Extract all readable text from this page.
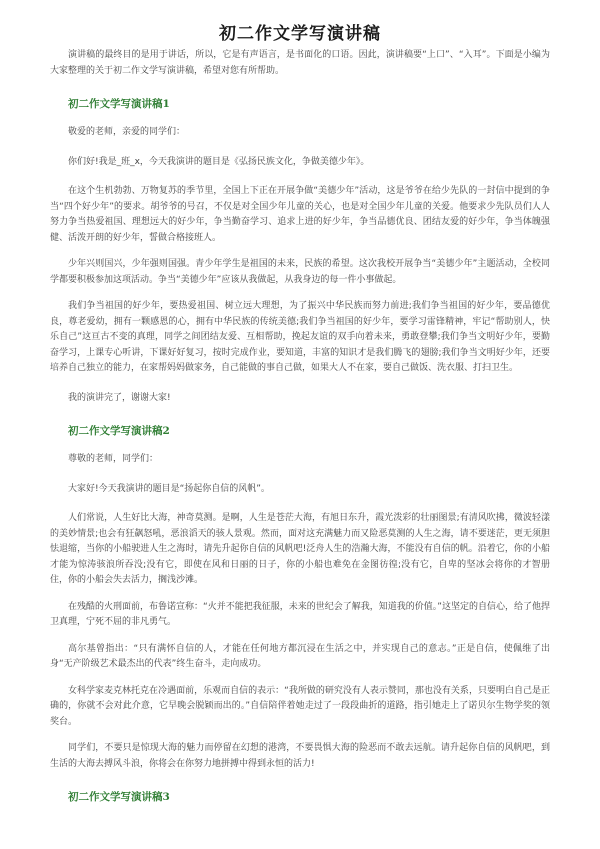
初二作文学写演讲稿

演讲稿的最终目的是用于讲话，所以，它是有声语言，是书面化的口语。因此，演讲稿要“上口”、“入耳”。下面是小编为大家整理的关于初二作文学写演讲稿，希望对您有所帮助。

初二作文学写演讲稿1

敬爱的老师，亲爱的同学们：

你们好!我是_班_x，今天我演讲的题目是《弘扬民族文化，争做美德少年》。

在这个生机勃勃、万物复苏的季节里，全国上下正在开展争做“美德少年”活动，这是爷爷在给少先队的一封信中提到的争当“四个好少年”的要求。胡爷爷的号召，不仅是对全国少年儿童的关心，也是对全国少年儿童的关爱。他要求少先队员们人人努力争当热爱祖国、理想远大的好少年，争当勤奋学习、追求上进的好少年，争当品德优良、团结友爱的好少年，争当体魄强健、活泼开朗的好少年，誓做合格接班人。

少年兴则国兴，少年强则国强。青少年学生是祖国的未来，民族的希望。这次我校开展争当“美德少年”主题活动，全校同学都要积极参加这项活动。争当“美德少年”应该从我做起，从我身边的每一件小事做起。

我们争当祖国的好少年，要热爱祖国、树立远大理想，为了振兴中华民族而努力前进;我们争当祖国的好少年，要品德优良，尊老爱幼，拥有一颗感恩的心，拥有中华民族的传统美德;我们争当祖国的好少年，要学习雷锋精神，牢记“帮助别人，快乐自己”这亘古不变的真理，同学之间团结友爱、互相帮助，挽起友谊的双手向着未来，勇敢登攀;我们争当文明好少年，要勤奋学习，上课专心听讲，下课好好复习，按时完成作业，要知道，丰富的知识才是我们腾飞的翅膀;我们争当文明好少年，还要培养自己独立的能力，在家帮妈妈做家务，自己能做的事自己做，如果大人不在家，要自己做饭、洗衣服、打扫卫生。

我的演讲完了，谢谢大家!

初二作文学写演讲稿2

尊敬的老师，同学们：

大家好!今天我演讲的题目是“扬起你自信的风帆”。

人们常说，人生好比大海，神奇莫测。是啊，人生是苍茫大海，有旭日东升，霞光泼彩的壮丽图景;有清风吹拂，微波轻漾的美妙情景;也会有狂飙怒吼，恶浪滔天的骇人景观。然而，面对这充满魅力而又险恶莫测的人生之海，请不要迷茫，更无须胆怯退缩，当你的小船驶进人生之海时，请先升起你自信的风帆吧!泛舟人生的浩瀚大海，不能没有自信的帆。沿着它，你的小船才能为惊涛骇浪所吞没;没有它，即使在风和日丽的日子，你的小船也难免在金图彷徨;没有它，自卑的坚冰会将你的才智册住，你的小船会失去活力，搁浅沙滩。

在残酷的火刑面前，布鲁诺宣称：“火并不能把我征服，未来的世纪会了解我，知道我的价值。”这坚定的自信心，给了他捍卫真理，宁死不屈的非凡勇气。

高尔基曾指出：“只有满怀自信的人，才能在任何地方都沉浸在生活之中，并实现自己的意志。”正是自信，使佩维了出身“无产阶级艺术最杰出的代表”终生奋斗，走向成功。

女科学家麦克林托克在冷遇面前，乐观而自信的表示：“我所做的研究没有人表示赞同，那也没有关系，只要明白自己是正确的，你就不会对此介意，它早晚会脱颖而出的。”自信陪伴着她走过了一段段曲折的道路，指引她走上了诺贝尔生物学奖的领奖台。

同学们，不要只是惊现大海的魅力而停留在幻想的港湾，不要畏惧大海的险恶而不敢去远航。请升起你自信的风帆吧，到生活的大海去搏风斗浪，你将会在你努力地拼搏中得到永恒的活力!

初二作文学写演讲稿3
